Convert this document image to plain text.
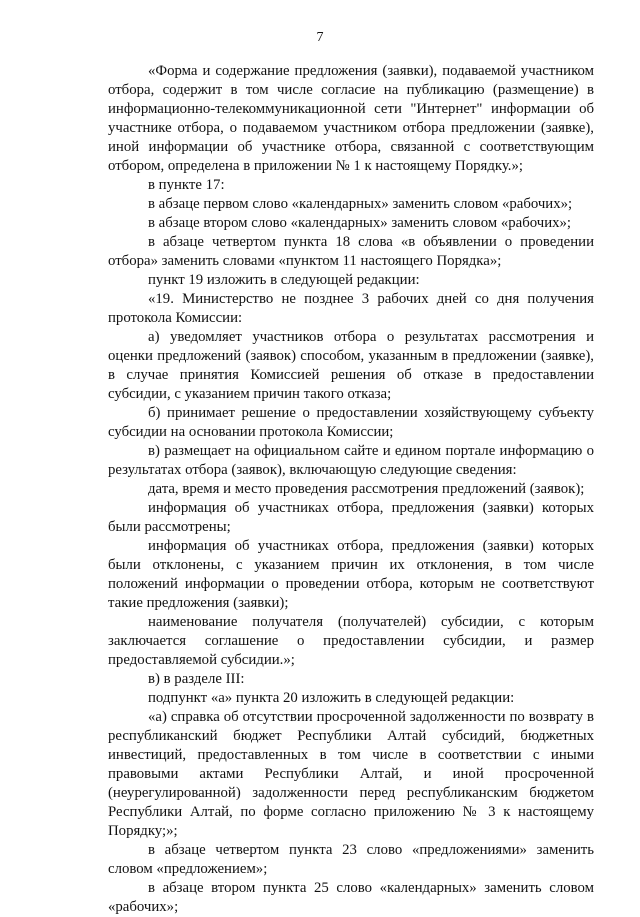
7

«Форма и содержание предложения (заявки), подаваемой участником отбора, содержит в том числе согласие на публикацию (размещение) в информационно-телекоммуникационной сети "Интернет" информации об участнике отбора, о подаваемом участником отбора предложении (заявке), иной информации об участнике отбора, связанной с соответствующим отбором, определена в приложении № 1 к настоящему Порядку.»;

в пункте 17:

в абзаце первом слово «календарных» заменить словом «рабочих»;

в абзаце втором слово «календарных» заменить словом «рабочих»;

в абзаце четвертом пункта 18 слова «в объявлении о проведении отбора» заменить словами «пунктом 11 настоящего Порядка»;

пункт 19 изложить в следующей редакции:

«19. Министерство не позднее 3 рабочих дней со дня получения протокола Комиссии:

а) уведомляет участников отбора о результатах рассмотрения и оценки предложений (заявок) способом, указанным в предложении (заявке), в случае принятия Комиссией решения об отказе в предоставлении субсидии, с указанием причин такого отказа;

б) принимает решение о предоставлении хозяйствующему субъекту субсидии на основании протокола Комиссии;

в) размещает на официальном сайте и едином портале информацию о результатах отбора (заявок), включающую следующие сведения:

дата, время и место проведения рассмотрения предложений (заявок);

информация об участниках отбора, предложения (заявки) которых были рассмотрены;

информация об участниках отбора, предложения (заявки) которых были отклонены, с указанием причин их отклонения, в том числе положений информации о проведении отбора, которым не соответствуют такие предложения (заявки);

наименование получателя (получателей) субсидии, с которым заключается соглашение о предоставлении субсидии, и размер предоставляемой субсидии.»;

в) в разделе III:

подпункт «а» пункта 20 изложить в следующей редакции:

«а) справка об отсутствии просроченной задолженности по возврату в республиканский бюджет Республики Алтай субсидий, бюджетных инвестиций, предоставленных в том числе в соответствии с иными правовыми актами Республики Алтай, и иной просроченной (неурегулированной) задолженности перед республиканским бюджетом Республики Алтай, по форме согласно приложению № 3 к настоящему Порядку;»;

в абзаце четвертом пункта 23 слово «предложениями» заменить словом «предложением»;

в абзаце втором пункта 25 слово «календарных» заменить словом «рабочих»;
